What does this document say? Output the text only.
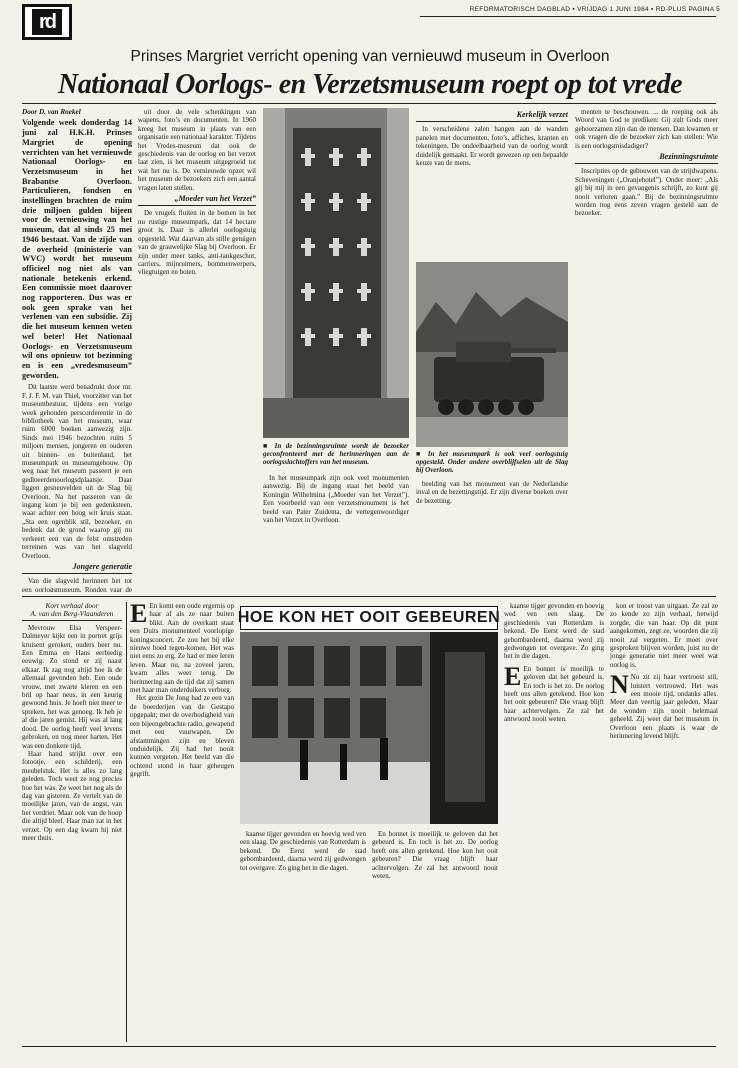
rd
REFORMATORISCH DAGBLAD ▪ VRIJDAG 1 JUNI 1984 ▪ RD-PLUS PAGINA 5
Prinses Margriet verricht opening van vernieuwd museum in Overloon
Nationaal Oorlogs- en Verzetsmuseum roept op tot vrede
Door D. van Roekel
Volgende week donderdag 14 juni zal H.K.H. Prinses Margriet de opening verrichten van het vernieuwde Nationaal Oorlogs- en Verzetsmuseum in het Brabantse Overloon. Particulieren, fondsen en instellingen brachten de ruim drie miljoen gulden bijeen voor de vernieuwing van het museum, dat al sinds 25 mei 1946 bestaat. Van de zijde van de overheid (ministerie van WVC) wordt het museum officieel nog niet als van nationale betekenis erkend. Een commissie moet daarover nog rapporteren. Dus was er ook geen sprake van het verlenen van een subsidie. Zij die het museum kennen weten wel beter! Het Nationaal Oorlogs- en Verzetsmuseum wil ons opnieuw tot bezinning en is een „vredesmuseum” geworden.

Dit laatste werd benadrukt door mr. F. J. F. M. van Thiel, voorzitter van het museumbestuur, tijdens een vorige week gehouden persconferentie in de bibliotheek van het museum, waar ruim 6000 boeken aanwezig zijn. Sinds mei 1946 bezochten ruim 5 miljoen mensen, jongeren en ouderen uit binnen- en buitenland, het museumpark en museumgebouw. Op weg naar het museum passeert je een gedloeerdenoorlogsdplaatsje. Daar liggen gesneuvelden uit de Slag bij Overloon. Na het passeren van de ingang kom je bij een gedenksteen, waar achter een hoog wit kruis staat. „Sta een ogenblik stil, bezoeker, en bedenk dat de grond waarop gij nu verkeert een van de felst omstreden terreinen was van het slagveld Overloon.

Jongere generatie

Van die slagveld herinnert het tot een oorlogsmuseum. Ronden vaar de

uit door de vele schenkingen van wapens, foto’s en documenten. In 1960 kreeg het museum in plaats van een organisatie een nationaal karakter. Tijdens het Vredes-museum dat ook de geschiedenis van de oorlog en het verzet laat zien, is het museum uitgegroeid tot wat het nu is. De vernieuwde opzet wil het museum de bezoekers zich een aantal vragen laten stellen.

„Moeder van het Verzet”

De vrugels fluiten in de bomen in het nu rustige museumpark, dat 14 hectare groot is. Daar is allerlei oorlogstuig opgesteld. Wat daarvan als stille getuigen van de grauwelijke Slag bij Overloon. Er zijn onder meer tanks, anti-tankgeschut, carriers, mijnruimers, bommenwerpers, vliegtuigen en boten.

■ In de bezinningsruimte wordt de bezoeker geconfronteerd met de herinneringen aan de oorlogsslachtoffers van het museum.

In het museumpark zijn ook veel monumenten aanwezig. Bij de ingang staat het beeld van Koningin Wilhelmina („Moeder van het Verzet”). Een voorbeeld van een verzetsmonument is het beeld van Pater Zuidema, de vertegenwoordiger van het Verzet in Overloon.

Kerkelijk verzet

In verscheidene zalen hangen aan de wanden panelen met documenten, foto’s, affiches, kranten en tekeningen. De ondeelbaarheid van de oorlog wordt duidelijk gemaakt. Er wordt gewezen op een bepaalde keuze van de mens.

■ In het museumpark is ook veel oorlogstuig opgesteld. Onder andere overblijfselen uit de Slag bij Overloon.

beelding van het monument van de Nederlandse inval en de bezettingstijd. Er zijn diverse boeken over de bezetting.

menten te beschouwen. ... de roeping ook als Woord van God te prediken: Gij zult Gods meer gehoorzamen zijn dan de mensen. Dan kwamen er ook vragen die de bezoeker zich kan stellen: Wie is een oorlogsmisdadiger?

Bezinningsruimte

Inscripties op de gebouwen van de strijdwapens. Scheveningen („Oranjehotel”). Onder meer: „Als gij bij mij in een gevangenis schrijft, zo kunt gij nooit verloren gaan.” Bij de bezinningsruimte worden nog eens zeven vragen gesteld aan de bezoeker.

Kort verhaal door
A. van den Berg-Vlaanderen

Mevrouw Elsa Verspeer-Dalmeyer kijkt een in portret grijs kruisent geroken, ouders heer nu. Een Emma en Hans eerbiedig eeuwig. Zo stond er zij naast elkaar. Ik zag nog altijd hoe ik de allemaal gevonden heb. Een oude vrouw, met zwarte kleren en een bril op haar neus, in een keurig gewoond huis. Je hoeft niet meer te spreken, het was genoeg. Ik heb je al die jaren gemist. Hij was al lang dood. De oorlog heeft veel levens gebroken, en nog meer harten. Het was een donkere tijd.

Haar hand strijkt over een fotootje, een schilderij, een meubelstuk. Het is alles zo lang geleden. Toch weet ze nog precies hoe het was. Ze weet het nog als de dag van gisteren. Ze vertelt van de moeilijke jaren, van de angst, van het verdriet. Maar ook van de hoop die altijd bleef. Haar man zat in het verzet. Op een dag kwam hij niet meer thuis.

E En komt een oude ergernis op haar af als ze naar buiten blikt. Aan de overkant staat een Duits monumenteel voorlopige koningsconcert. Ze zou het bij elke nieuwe hoed tegen-komen. Het was niet eens zo erg. Ze had er mee leren leven. Maar nu, na zoveel jaren, kwam alles weer terug. De herinnering aan de tijd dat zij samen met haar man onderduikers verborg.

Het gezin De Jong had ze een van de boerderijen van de Gestapo opgepakt; met de overbodigheid van een bijeengebrachte radio, gewapend met een vuurwapen. De afstammingen zijn en bleven onduidelijk. Zij had het nooit kunnen vergeten. Het beeld van die ochtend stond in haar geheugen gegrift.

HOE KON HET OOIT GEBEUREN

kaanse tijger gevonden en hoevig wed ven een slaag. De geschiedenis van Rotterdam is bekend. De Eerst werd de stad gebombardeerd, daarna werd zij gedwongen tot overgave. Zo ging het in die dagen.

En bonnet is moeilijk te geloven dat het gebeurd is. En toch is het zo. De oorlog heeft ons allen getekend. Hoe kon het ooit gebeuren? Die vraag blijft haar achtervolgen. Ze zal het antwoord nooit weten.

kaanse tijger gevonden en hoevig wed ven een slaag. De geschiedenis van Rotterdam is bekend. De Eerst werd de stad gebombardeerd, daarna werd zij gedwongen tot overgave. Zo ging het in die dagen.

E En bonnet is moeilijk te geloven dat het gebeurd is. En toch is het zo. De oorlog heeft ons allen getekend. Hoe kon het ooit gebeuren? Die vraag blijft haar achtervolgen. Ze zal het antwoord nooit weten.

kon er troost van uitgaan. Ze zal ze zo kende zo zijn verhaal, hetwijd zorgde, die van haar. Op dit punt aangekomen, zegt ze, woorden die zij nooit zal vergeten. Er moet over gesproken blijven worden, juist nu de jonge generatie niet meer weet wat oorlog is.

N Nu zit zij haar vertroost stil, luistert vertrouwd. Het was een mooie tijd, ondanks alles. Meer dan veertig jaar geleden. Maar de wonden zijn nooit helemaal geheeld. Zij weet dat het museum in Overloon een plaats is waar de herinnering levend blijft.
